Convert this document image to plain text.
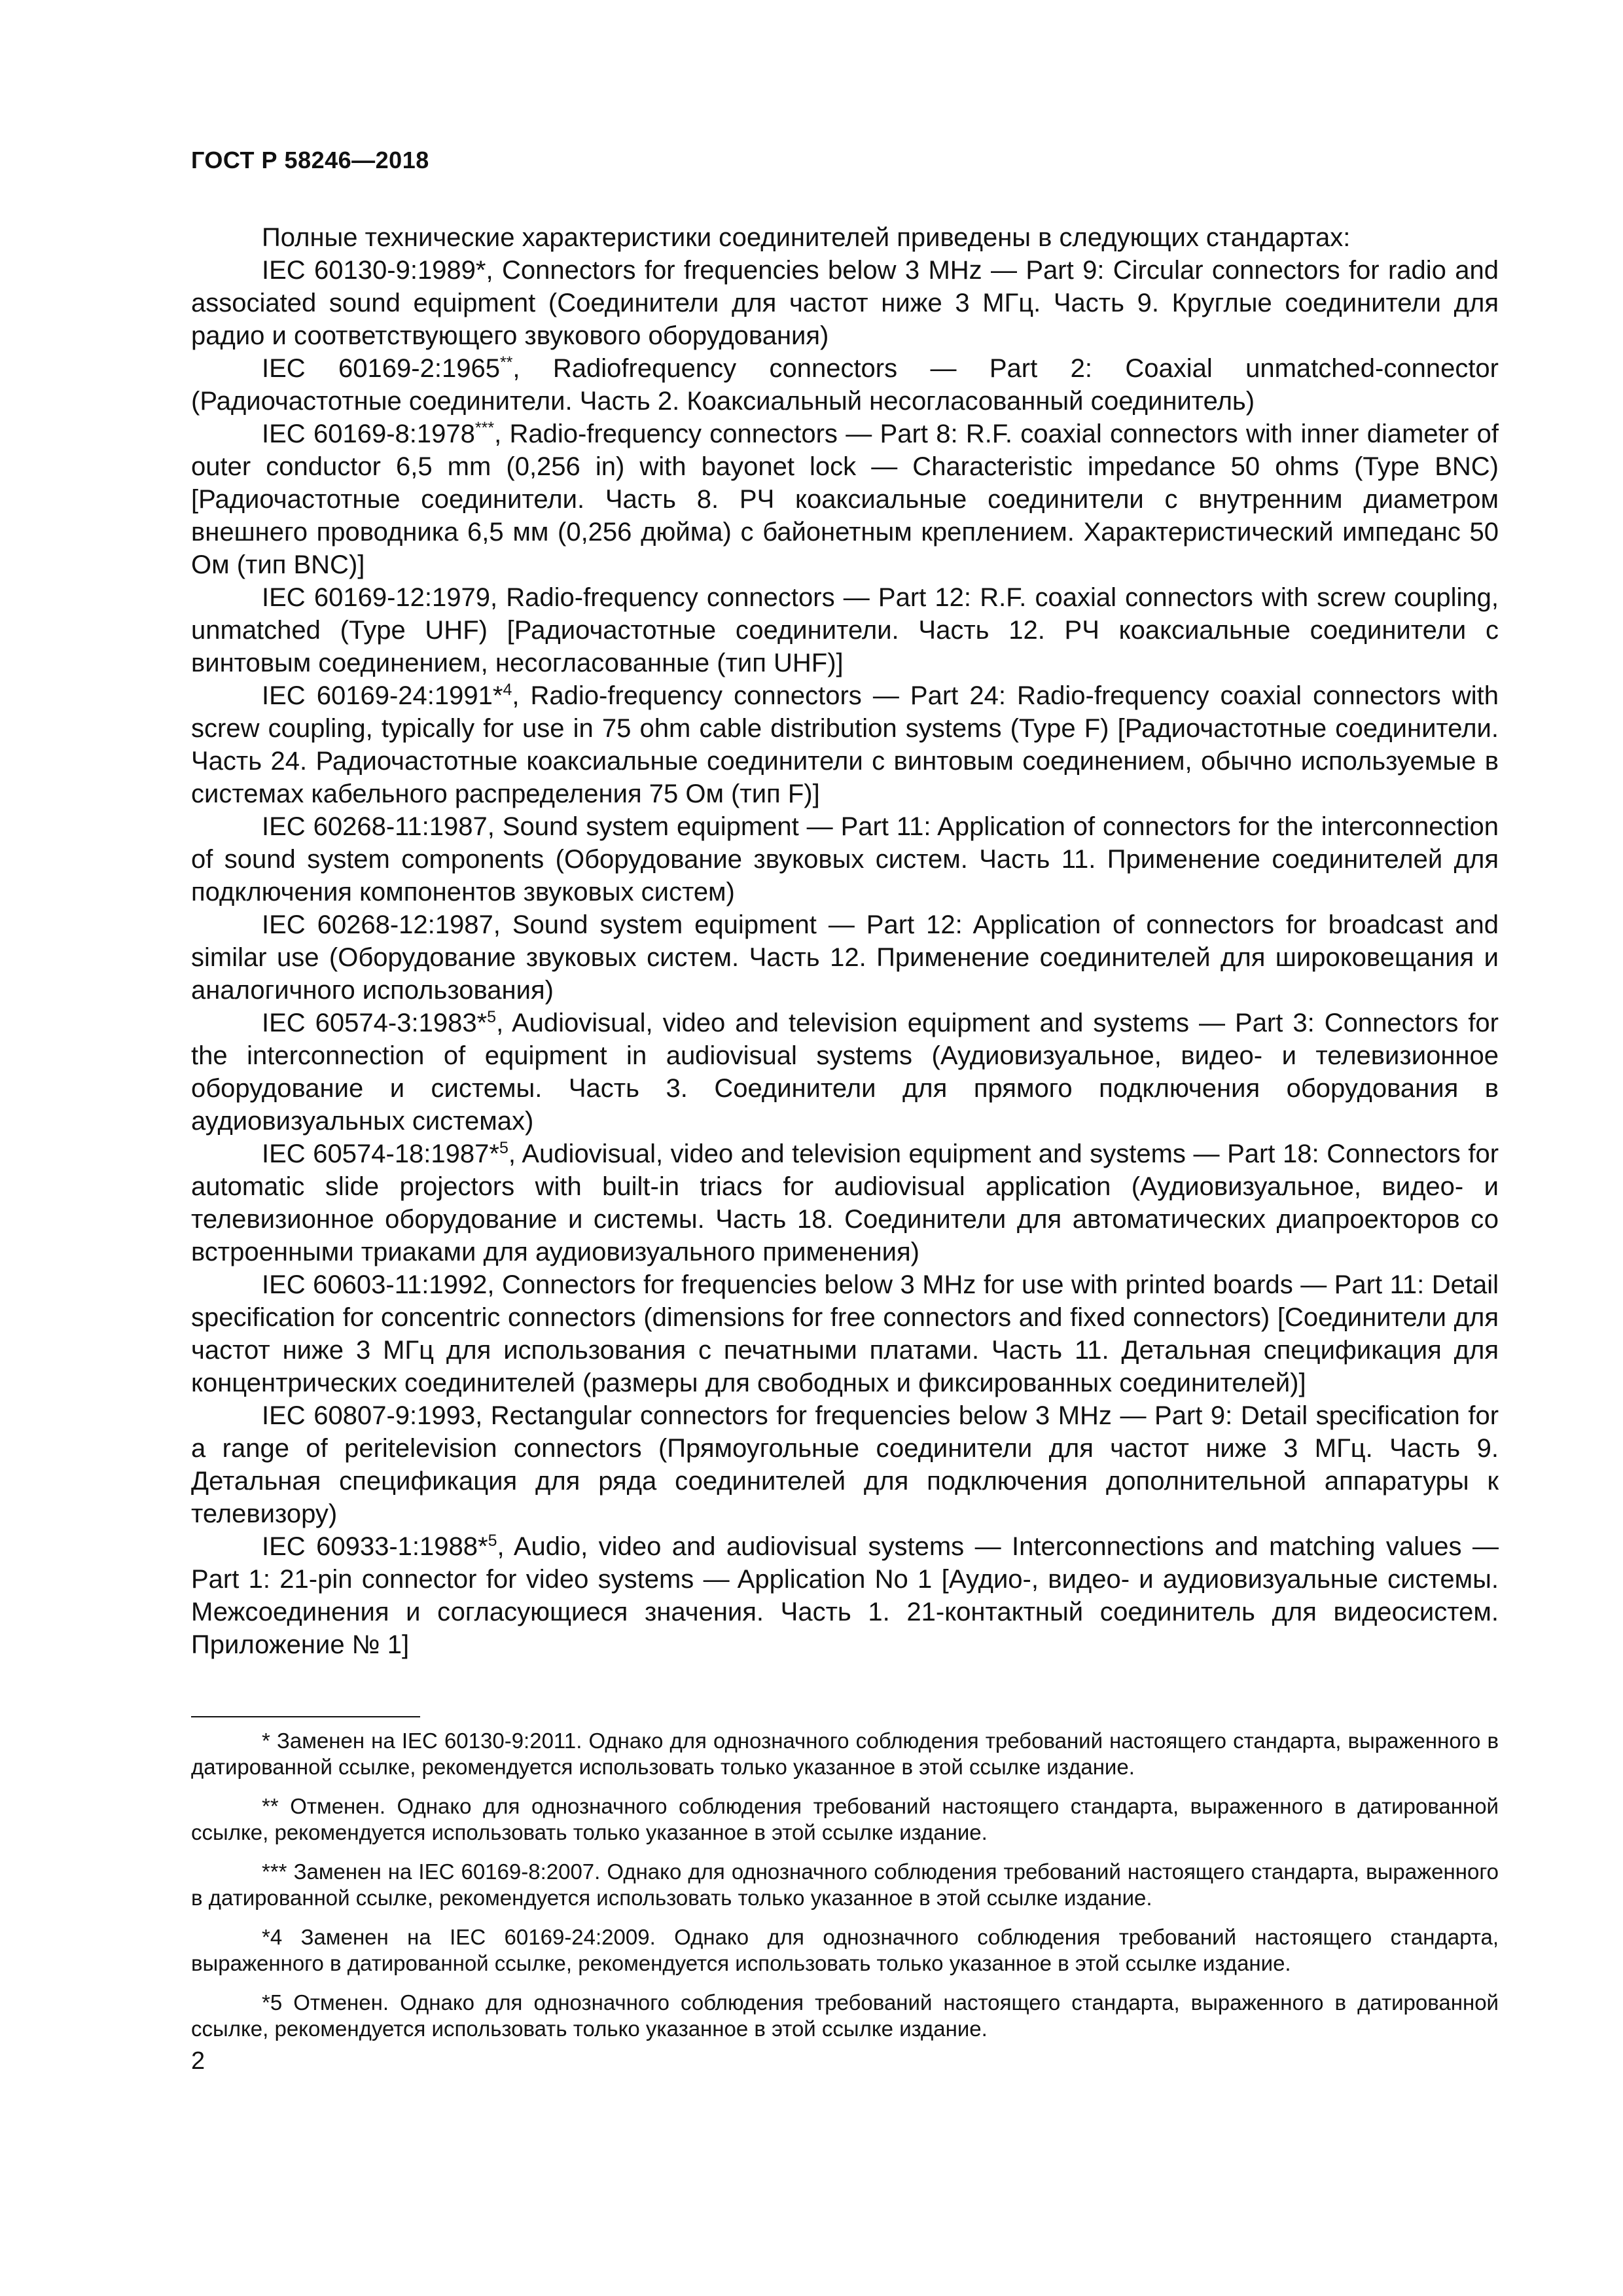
ГОСТ Р 58246—2018

Полные технические характеристики соединителей приведены в следующих стандартах:

IEC 60130-9:1989*, Connectors for frequencies below 3 MHz — Part 9: Circular connectors for radio and associated sound equipment (Соединители для частот ниже 3 МГц. Часть 9. Круглые соединители для радио и соответствующего звукового оборудования)

IEC 60169-2:1965**, Radiofrequency connectors — Part 2: Coaxial unmatched-connector (Радиочастотные соединители. Часть 2. Коаксиальный несогласованный соединитель)

IEC 60169-8:1978***, Radio-frequency connectors — Part 8: R.F. coaxial connectors with inner diameter of outer conductor 6,5 mm (0,256 in) with bayonet lock — Characteristic impedance 50 ohms (Type BNC) [Радиочастотные соединители. Часть 8. РЧ коаксиальные соединители с внутренним диаметром внешнего проводника 6,5 мм (0,256 дюйма) с байонетным креплением. Характеристический импеданс 50 Ом (тип BNC)]

IEC 60169-12:1979, Radio-frequency connectors — Part 12: R.F. coaxial connectors with screw coupling, unmatched (Type UHF) [Радиочастотные соединители. Часть 12. РЧ коаксиальные соединители с винтовым соединением, несогласованные (тип UHF)]

IEC 60169-24:1991*$^4$, Radio-frequency connectors — Part 24: Radio-frequency coaxial connectors with screw coupling, typically for use in 75 ohm cable distribution systems (Type F) [Радиочастотные соединители. Часть 24. Радиочастотные коаксиальные соединители с винтовым соединением, обычно используемые в системах кабельного распределения 75 Ом (тип F)]

IEC 60268-11:1987, Sound system equipment — Part 11: Application of connectors for the interconnection of sound system components (Оборудование звуковых систем. Часть 11. Применение соединителей для подключения компонентов звуковых систем)

IEC 60268-12:1987, Sound system equipment — Part 12: Application of connectors for broadcast and similar use (Оборудование звуковых систем. Часть 12. Применение соединителей для широковещания и аналогичного использования)

IEC 60574-3:1983*$^5$, Audiovisual, video and television equipment and systems — Part 3: Connectors for the interconnection of equipment in audiovisual systems (Аудиовизуальное, видео- и телевизионное оборудование и системы. Часть 3. Соединители для прямого подключения оборудования в аудиовизуальных системах)

IEC 60574-18:1987*$^5$, Audiovisual, video and television equipment and systems — Part 18: Connectors for automatic slide projectors with built-in triacs for audiovisual application (Аудиовизуальное, видео- и телевизионное оборудование и системы. Часть 18. Соединители для автоматических диапроекторов со встроенными триаками для аудиовизуального применения)

IEC 60603-11:1992, Connectors for frequencies below 3 MHz for use with printed boards — Part 11: Detail specification for concentric connectors (dimensions for free connectors and fixed connectors) [Соединители для частот ниже 3 МГц для использования с печатными платами. Часть 11. Детальная спецификация для концентрических соединителей (размеры для свободных и фиксированных соединителей)]

IEC 60807-9:1993, Rectangular connectors for frequencies below 3 MHz — Part 9: Detail specification for a range of peritelevision connectors (Прямоугольные соединители для частот ниже 3 МГц. Часть 9. Детальная спецификация для ряда соединителей для подключения дополнительной аппаратуры к телевизору)

IEC 60933-1:1988*$^5$, Audio, video and audiovisual systems — Interconnections and matching values — Part 1: 21-pin connector for video systems — Application No 1 [Аудио-, видео- и аудиовизуальные системы. Межсоединения и согласующиеся значения. Часть 1. 21-контактный соединитель для видеосистем. Приложение № 1]

* Заменен на IEC 60130-9:2011. Однако для однозначного соблюдения требований настоящего стандарта, выраженного в датированной ссылке, рекомендуется использовать только указанное в этой ссылке издание.

** Отменен. Однако для однозначного соблюдения требований настоящего стандарта, выраженного в датированной ссылке, рекомендуется использовать только указанное в этой ссылке издание.

*** Заменен на IEC 60169-8:2007. Однако для однозначного соблюдения требований настоящего стандарта, выраженного в датированной ссылке, рекомендуется использовать только указанное в этой ссылке издание.

*4 Заменен на IEC 60169-24:2009. Однако для однозначного соблюдения требований настоящего стандарта, выраженного в датированной ссылке, рекомендуется использовать только указанное в этой ссылке издание.

*5 Отменен. Однако для однозначного соблюдения требований настоящего стандарта, выраженного в датированной ссылке, рекомендуется использовать только указанное в этой ссылке издание.

2
